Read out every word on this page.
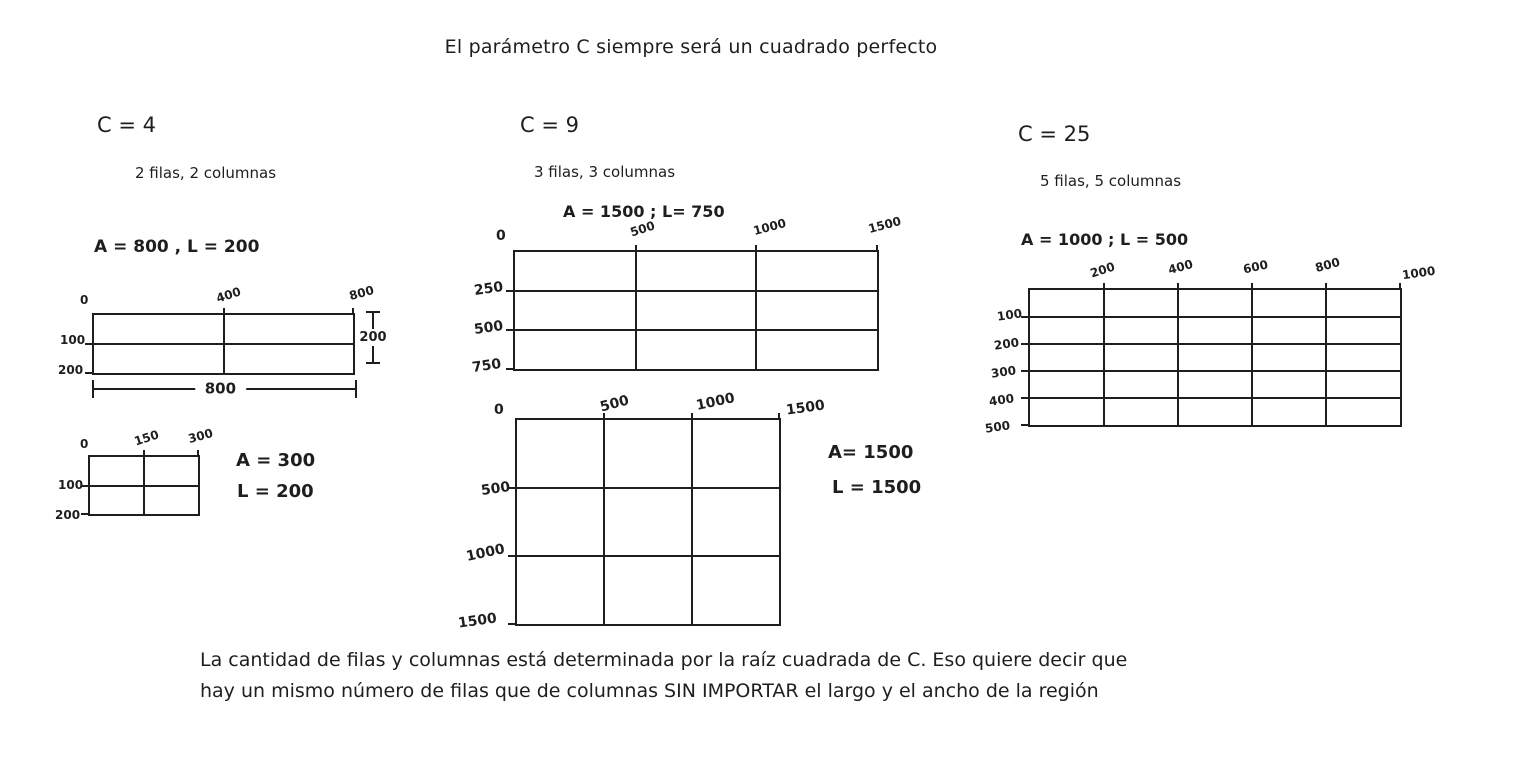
El parámetro C siempre será un cuadrado perfecto
C = 4
2 filas, 2 columnas
A = 800 , L = 200
0	400	800
100
200
200
800
0	150 300
100
200
A = 300
L = 200
C = 9
3 filas, 3 columnas
A = 1500 ; L= 750
0	500	1000	1500
250
500
750
0	500	1000	1500
500
1000
1500
A= 1500
L = 1500
C = 25
5 filas, 5 columnas
A = 1000 ; L = 500
200	400	600	800	1000
100
200
300
400
500
La cantidad de filas y columnas está determinada por la raíz cuadrada de C. Eso quiere decir que
hay un mismo número de filas que de columnas SIN IMPORTAR el largo y el ancho de la región
